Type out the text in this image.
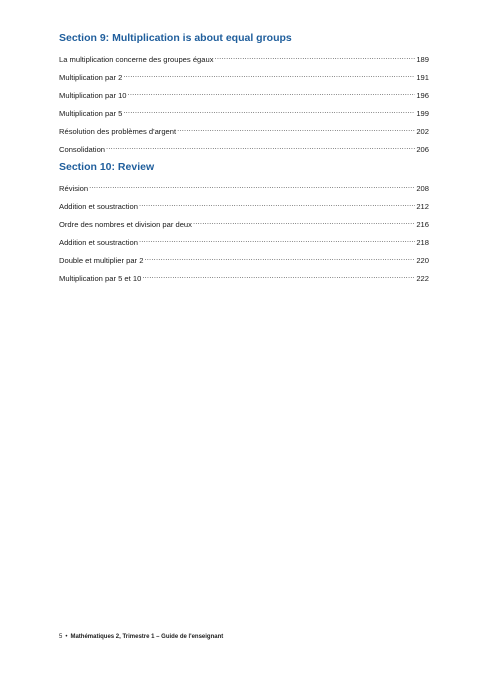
Section 9: Multiplication is about equal groups
La multiplication concerne des groupes égaux .....	189
Multiplication par 2 .....	191
Multiplication par 10 .....	196
Multiplication par 5 .....	199
Résolution des problèmes d'argent .....	202
Consolidation .....	206
Section 10: Review
Révision .....	208
Addition et soustraction .....	212
Ordre des nombres et division par deux .....	216
Addition et soustraction .....	218
Double et multiplier par 2 .....	220
Multiplication par 5 et 10 .....	222
5 • Mathématiques 2, Trimestre 1 – Guide de l'enseignant
